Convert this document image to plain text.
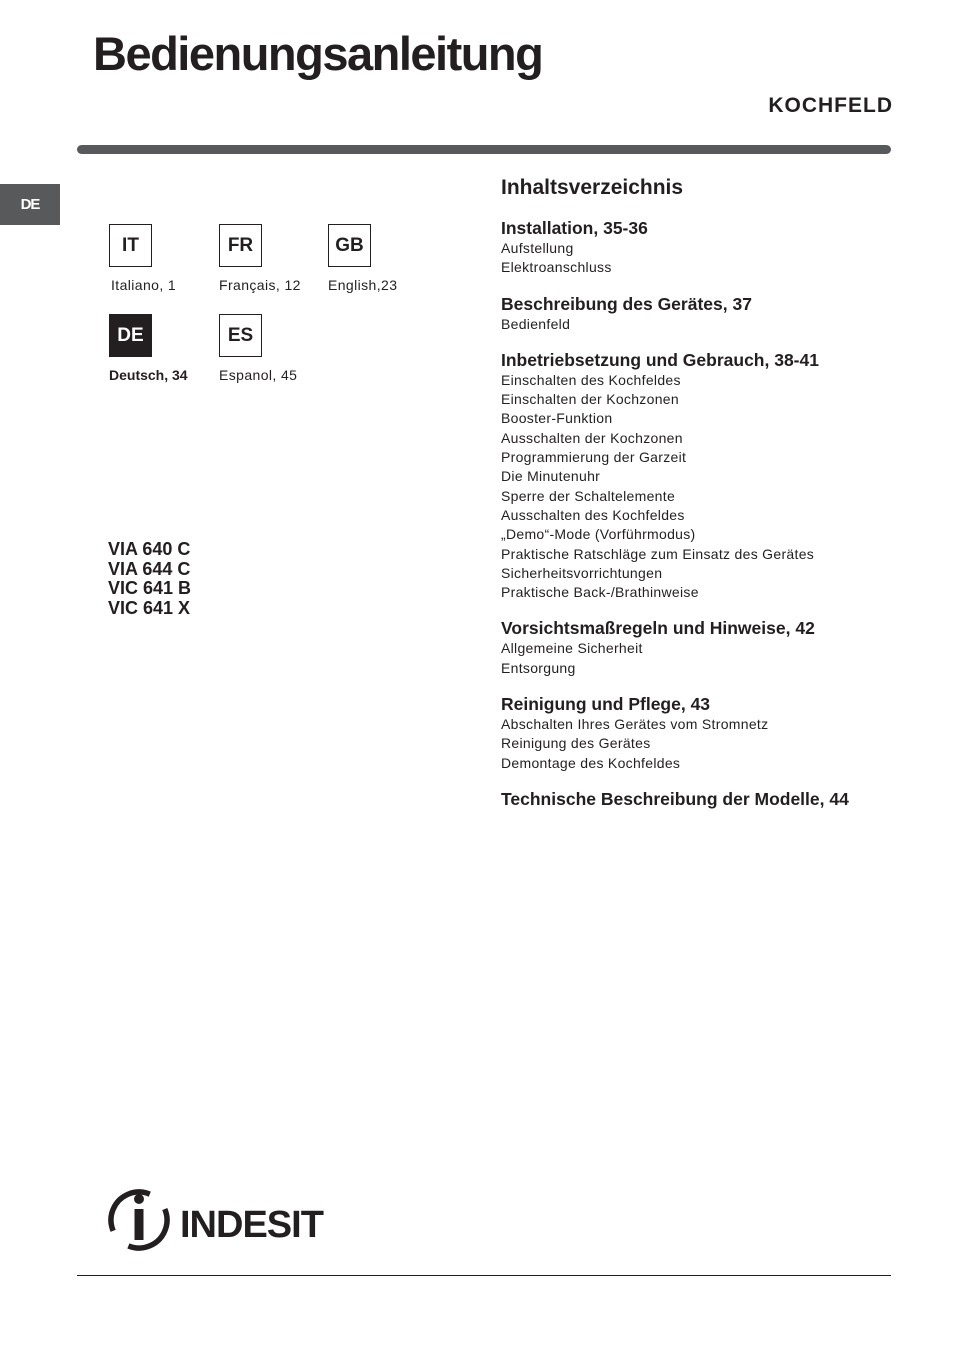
Bedienungsanleitung
KOCHFELD
DE
IT
Italiano, 1
FR
Français, 12
GB
English,23
DE
Deutsch, 34
ES
Espanol, 45
VIA 640 C
VIA 644 C
VIC 641 B
VIC 641 X
Inhaltsverzeichnis
Installation, 35-36
Aufstellung
Elektroanschluss
Beschreibung des Gerätes, 37
Bedienfeld
Inbetriebsetzung und Gebrauch, 38-41
Einschalten des Kochfeldes
Einschalten der Kochzonen
Booster-Funktion
Ausschalten der Kochzonen
Programmierung der Garzeit
Die Minutenuhr
Sperre der Schaltelemente
Ausschalten des Kochfeldes
„Demo“-Mode (Vorführmodus)
Praktische Ratschläge zum Einsatz des Gerätes
Sicherheitsvorrichtungen
Praktische Back-/Brathinweise
Vorsichtsmaßregeln und Hinweise, 42
Allgemeine Sicherheit
Entsorgung
Reinigung und Pflege, 43
Abschalten Ihres Gerätes vom Stromnetz
Reinigung des Gerätes
Demontage des Kochfeldes
Technische Beschreibung der Modelle, 44
INDESIT
